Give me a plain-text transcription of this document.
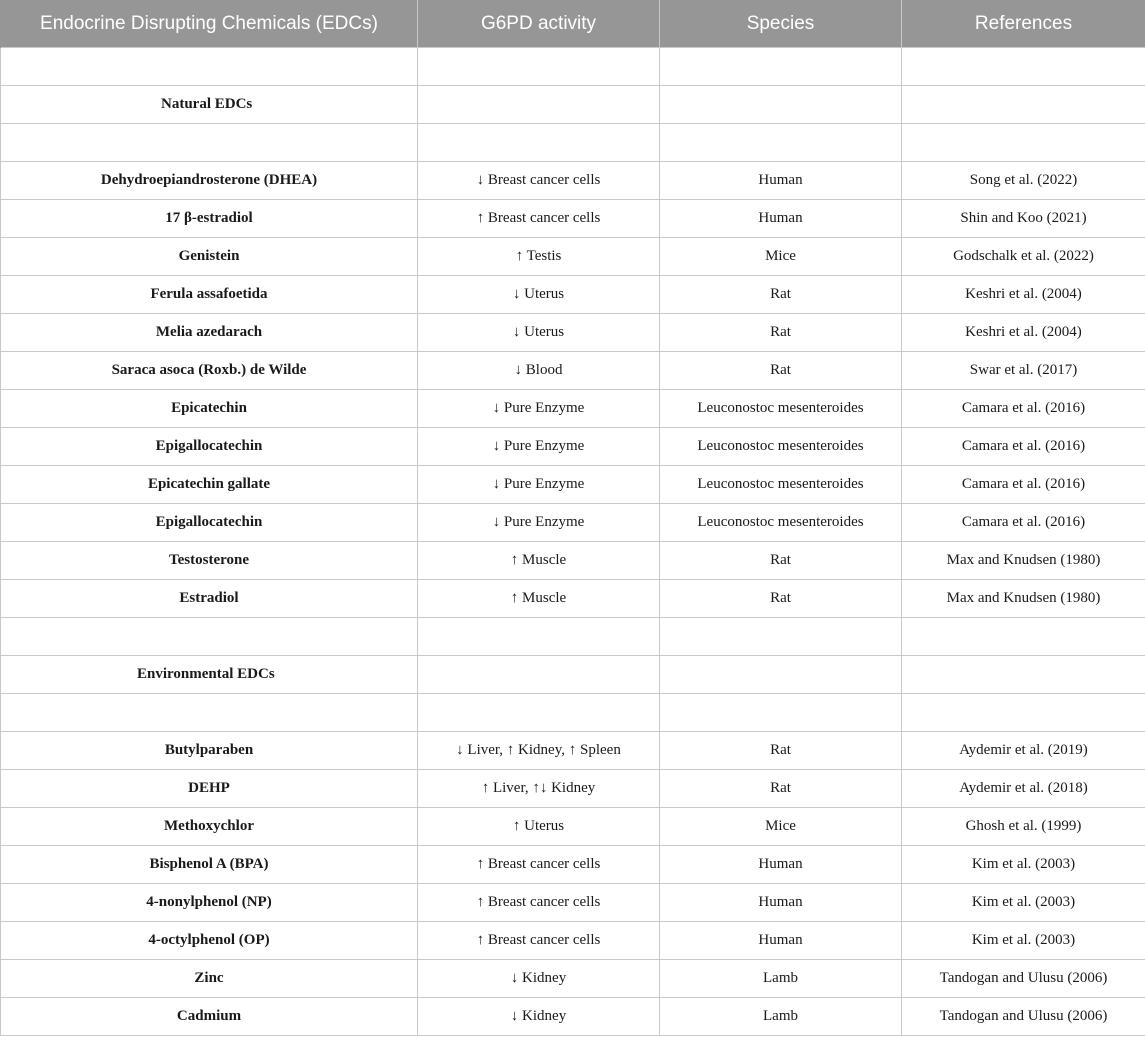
Endocrine Disrupting Chemicals (EDCs)	G6PD activity	Species	References

Natural EDCs			

Dehydroepiandrosterone (DHEA)	↓ Breast cancer cells	Human	Song et al. (2022)
17 β-estradiol	↑ Breast cancer cells	Human	Shin and Koo (2021)
Genistein	↑ Testis	Mice	Godschalk et al. (2022)
Ferula assafoetida	↓ Uterus	Rat	Keshri et al. (2004)
Melia azedarach	↓ Uterus	Rat	Keshri et al. (2004)
Saraca asoca (Roxb.) de Wilde	↓ Blood	Rat	Swar et al. (2017)
Epicatechin	↓ Pure Enzyme	Leuconostoc mesenteroides	Camara et al. (2016)
Epigallocatechin	↓ Pure Enzyme	Leuconostoc mesenteroides	Camara et al. (2016)
Epicatechin gallate	↓ Pure Enzyme	Leuconostoc mesenteroides	Camara et al. (2016)
Epigallocatechin	↓ Pure Enzyme	Leuconostoc mesenteroides	Camara et al. (2016)
Testosterone	↑ Muscle	Rat	Max and Knudsen (1980)
Estradiol	↑ Muscle	Rat	Max and Knudsen (1980)

Environmental EDCs			

Butylparaben	↓ Liver, ↑ Kidney, ↑ Spleen	Rat	Aydemir et al. (2019)
DEHP	↑ Liver, ↑↓ Kidney	Rat	Aydemir et al. (2018)
Methoxychlor	↑ Uterus	Mice	Ghosh et al. (1999)
Bisphenol A (BPA)	↑ Breast cancer cells	Human	Kim et al. (2003)
4-nonylphenol (NP)	↑ Breast cancer cells	Human	Kim et al. (2003)
4-octylphenol (OP)	↑ Breast cancer cells	Human	Kim et al. (2003)
Zinc	↓ Kidney	Lamb	Tandogan and Ulusu (2006)
Cadmium	↓ Kidney	Lamb	Tandogan and Ulusu (2006)
